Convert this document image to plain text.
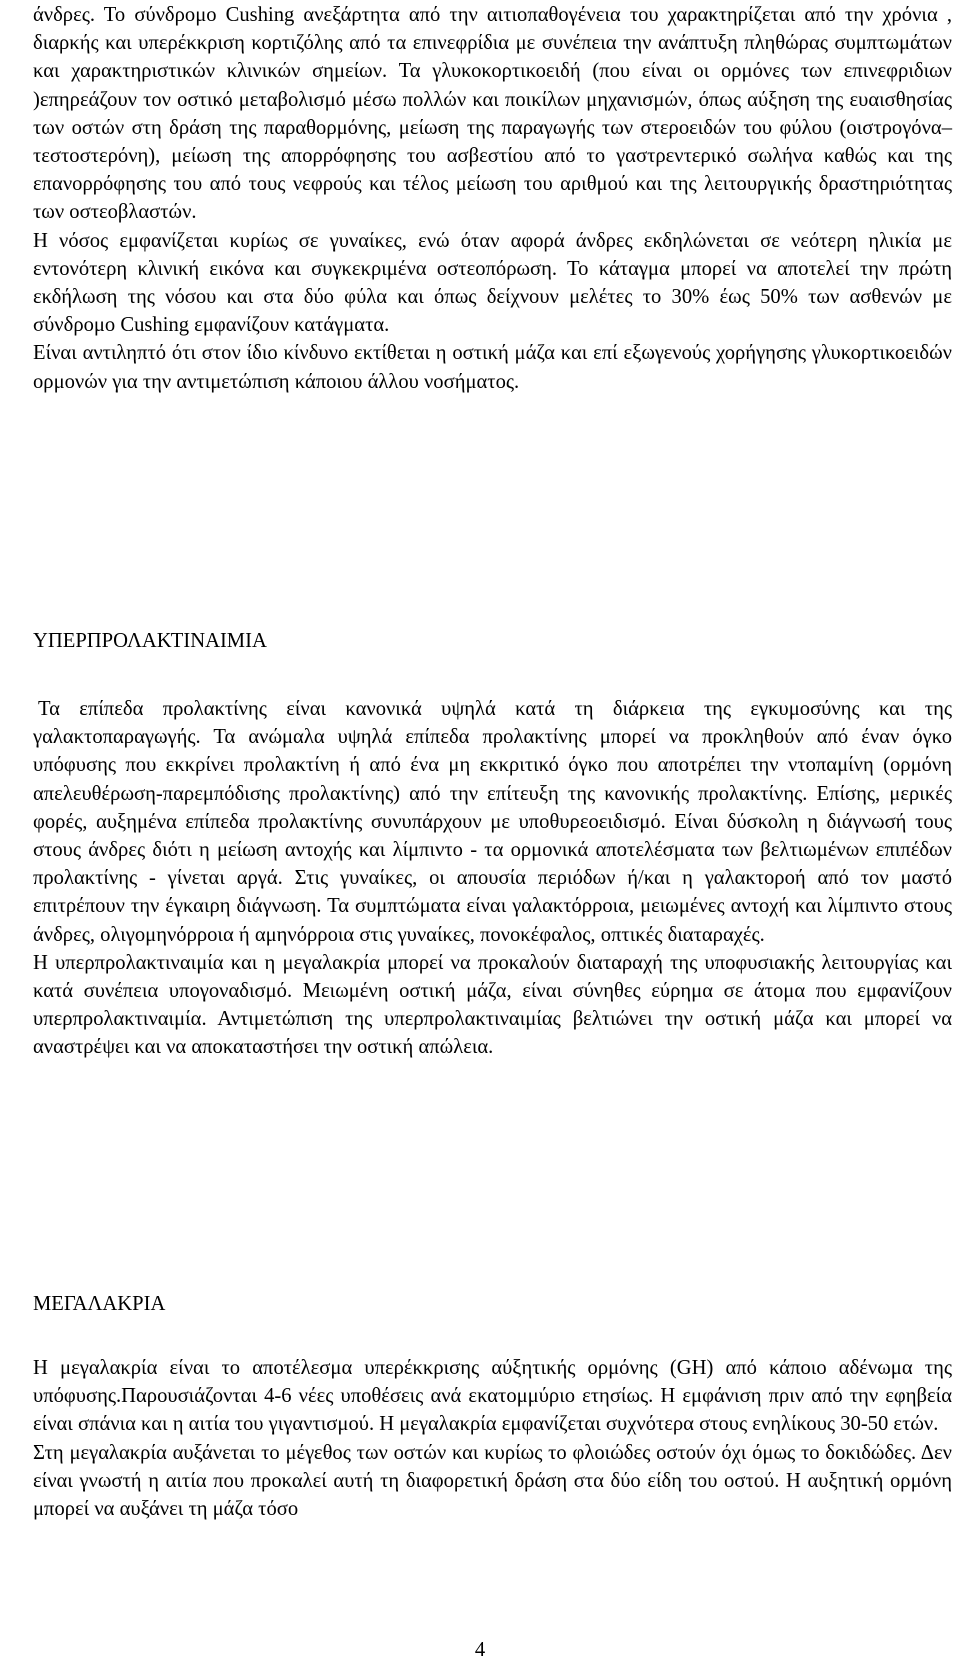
άνδρες. Το σύνδρομο Cushing ανεξάρτητα από την αιτιοπαθογένεια του χαρακτηρίζεται από την χρόνια , διαρκής και υπερέκκριση κορτιζόλης από τα επινεφρίδια με συνέπεια την ανάπτυξη πληθώρας συμπτωμάτων και χαρακτηριστικών κλινικών σημείων. Τα γλυκοκορτικοειδή (που είναι οι ορμόνες των επινεφριδιων )επηρεάζουν τον οστικό μεταβολισμό μέσω πολλών και ποικίλων μηχανισμών, όπως αύξηση της ευαισθησίας των οστών στη δράση της παραθορμόνης, μείωση της παραγωγής των στεροειδών του φύλου (οιστρογόνα–τεστοστερόνη), μείωση της απορρόφησης του ασβεστίου από το γαστρεντερικό σωλήνα καθώς και της επανορρόφησης του από τους νεφρούς και τέλος μείωση του αριθμού και της λειτουργικής δραστηριότητας των οστεοβλαστών.

Η νόσος εμφανίζεται κυρίως σε γυναίκες, ενώ όταν αφορά άνδρες εκδηλώνεται σε νεότερη ηλικία με εντονότερη κλινική εικόνα και συγκεκριμένα οστεοπόρωση. Το κάταγμα μπορεί να αποτελεί την πρώτη εκδήλωση της νόσου και στα δύο φύλα και όπως δείχνουν μελέτες το 30% έως 50% των ασθενών με σύνδρομο Cushing εμφανίζουν κατάγματα.

Είναι αντιληπτό ότι στον ίδιο κίνδυνο εκτίθεται η οστική μάζα και επί εξωγενούς χορήγησης γλυκορτικοειδών ορμονών για την αντιμετώπιση κάποιου άλλου νοσήματος.

ΥΠΕΡΠΡΟΛΑΚΤΙΝΑΙΜΙΑ

Τα επίπεδα προλακτίνης είναι κανονικά υψηλά κατά τη διάρκεια της εγκυμοσύνης και της γαλακτοπαραγωγής. Τα ανώμαλα υψηλά επίπεδα προλακτίνης μπορεί να προκληθούν από έναν όγκο υπόφυσης που εκκρίνει προλακτίνη ή από ένα μη εκκριτικό όγκο που αποτρέπει την ντοπαμίνη (ορμόνη απελευθέρωση-παρεμπόδισης προλακτίνης) από την επίτευξη της κανονικής προλακτίνης. Επίσης, μερικές φορές, αυξημένα επίπεδα προλακτίνης συνυπάρχουν με υποθυρεοειδισμό. Είναι δύσκολη η διάγνωσή τους στους άνδρες διότι η μείωση αντοχής και λίμπιντο - τα ορμονικά αποτελέσματα των βελτιωμένων επιπέδων προλακτίνης - γίνεται αργά. Στις γυναίκες, οι απουσία περιόδων ή/και η γαλακτοροή από τον μαστό επιτρέπουν την έγκαιρη διάγνωση. Τα συμπτώματα είναι γαλακτόρροια, μειωμένες αντοχή και λίμπιντο στους άνδρες, ολιγομηνόρροια ή αμηνόρροια στις γυναίκες, πονοκέφαλος, οπτικές διαταραχές.

Η υπερπρολακτιναιμία και η μεγαλακρία μπορεί να προκαλούν διαταραχή της υποφυσιακής λειτουργίας και κατά συνέπεια υπογοναδισμό. Μειωμένη οστική μάζα, είναι σύνηθες εύρημα σε άτομα που εμφανίζουν υπερπρολακτιναιμία. Αντιμετώπιση της υπερπρολακτιναιμίας βελτιώνει την οστική μάζα και μπορεί να αναστρέψει και να αποκαταστήσει την οστική απώλεια.

ΜΕΓΑΛΑΚΡΙΑ

Η μεγαλακρία είναι το αποτέλεσμα υπερέκκρισης αύξητικής ορμόνης (GH) από κάποιο αδένωμα της υπόφυσης.Παρουσιάζονται 4-6 νέες υποθέσεις ανά εκατομμύριο ετησίως. Η εμφάνιση πριν από την εφηβεία είναι σπάνια και η αιτία του γιγαντισμού. Η μεγαλακρία εμφανίζεται συχνότερα στους ενηλίκους 30-50 ετών.

Στη μεγαλακρία αυξάνεται το μέγεθος των οστών και κυρίως το φλοιώδες οστούν όχι όμως το δοκιδώδες. Δεν είναι γνωστή η αιτία που προκαλεί αυτή τη διαφορετική δράση στα δύο είδη του οστού. Η αυξητική ορμόνη μπορεί να αυξάνει τη μάζα τόσο

4
